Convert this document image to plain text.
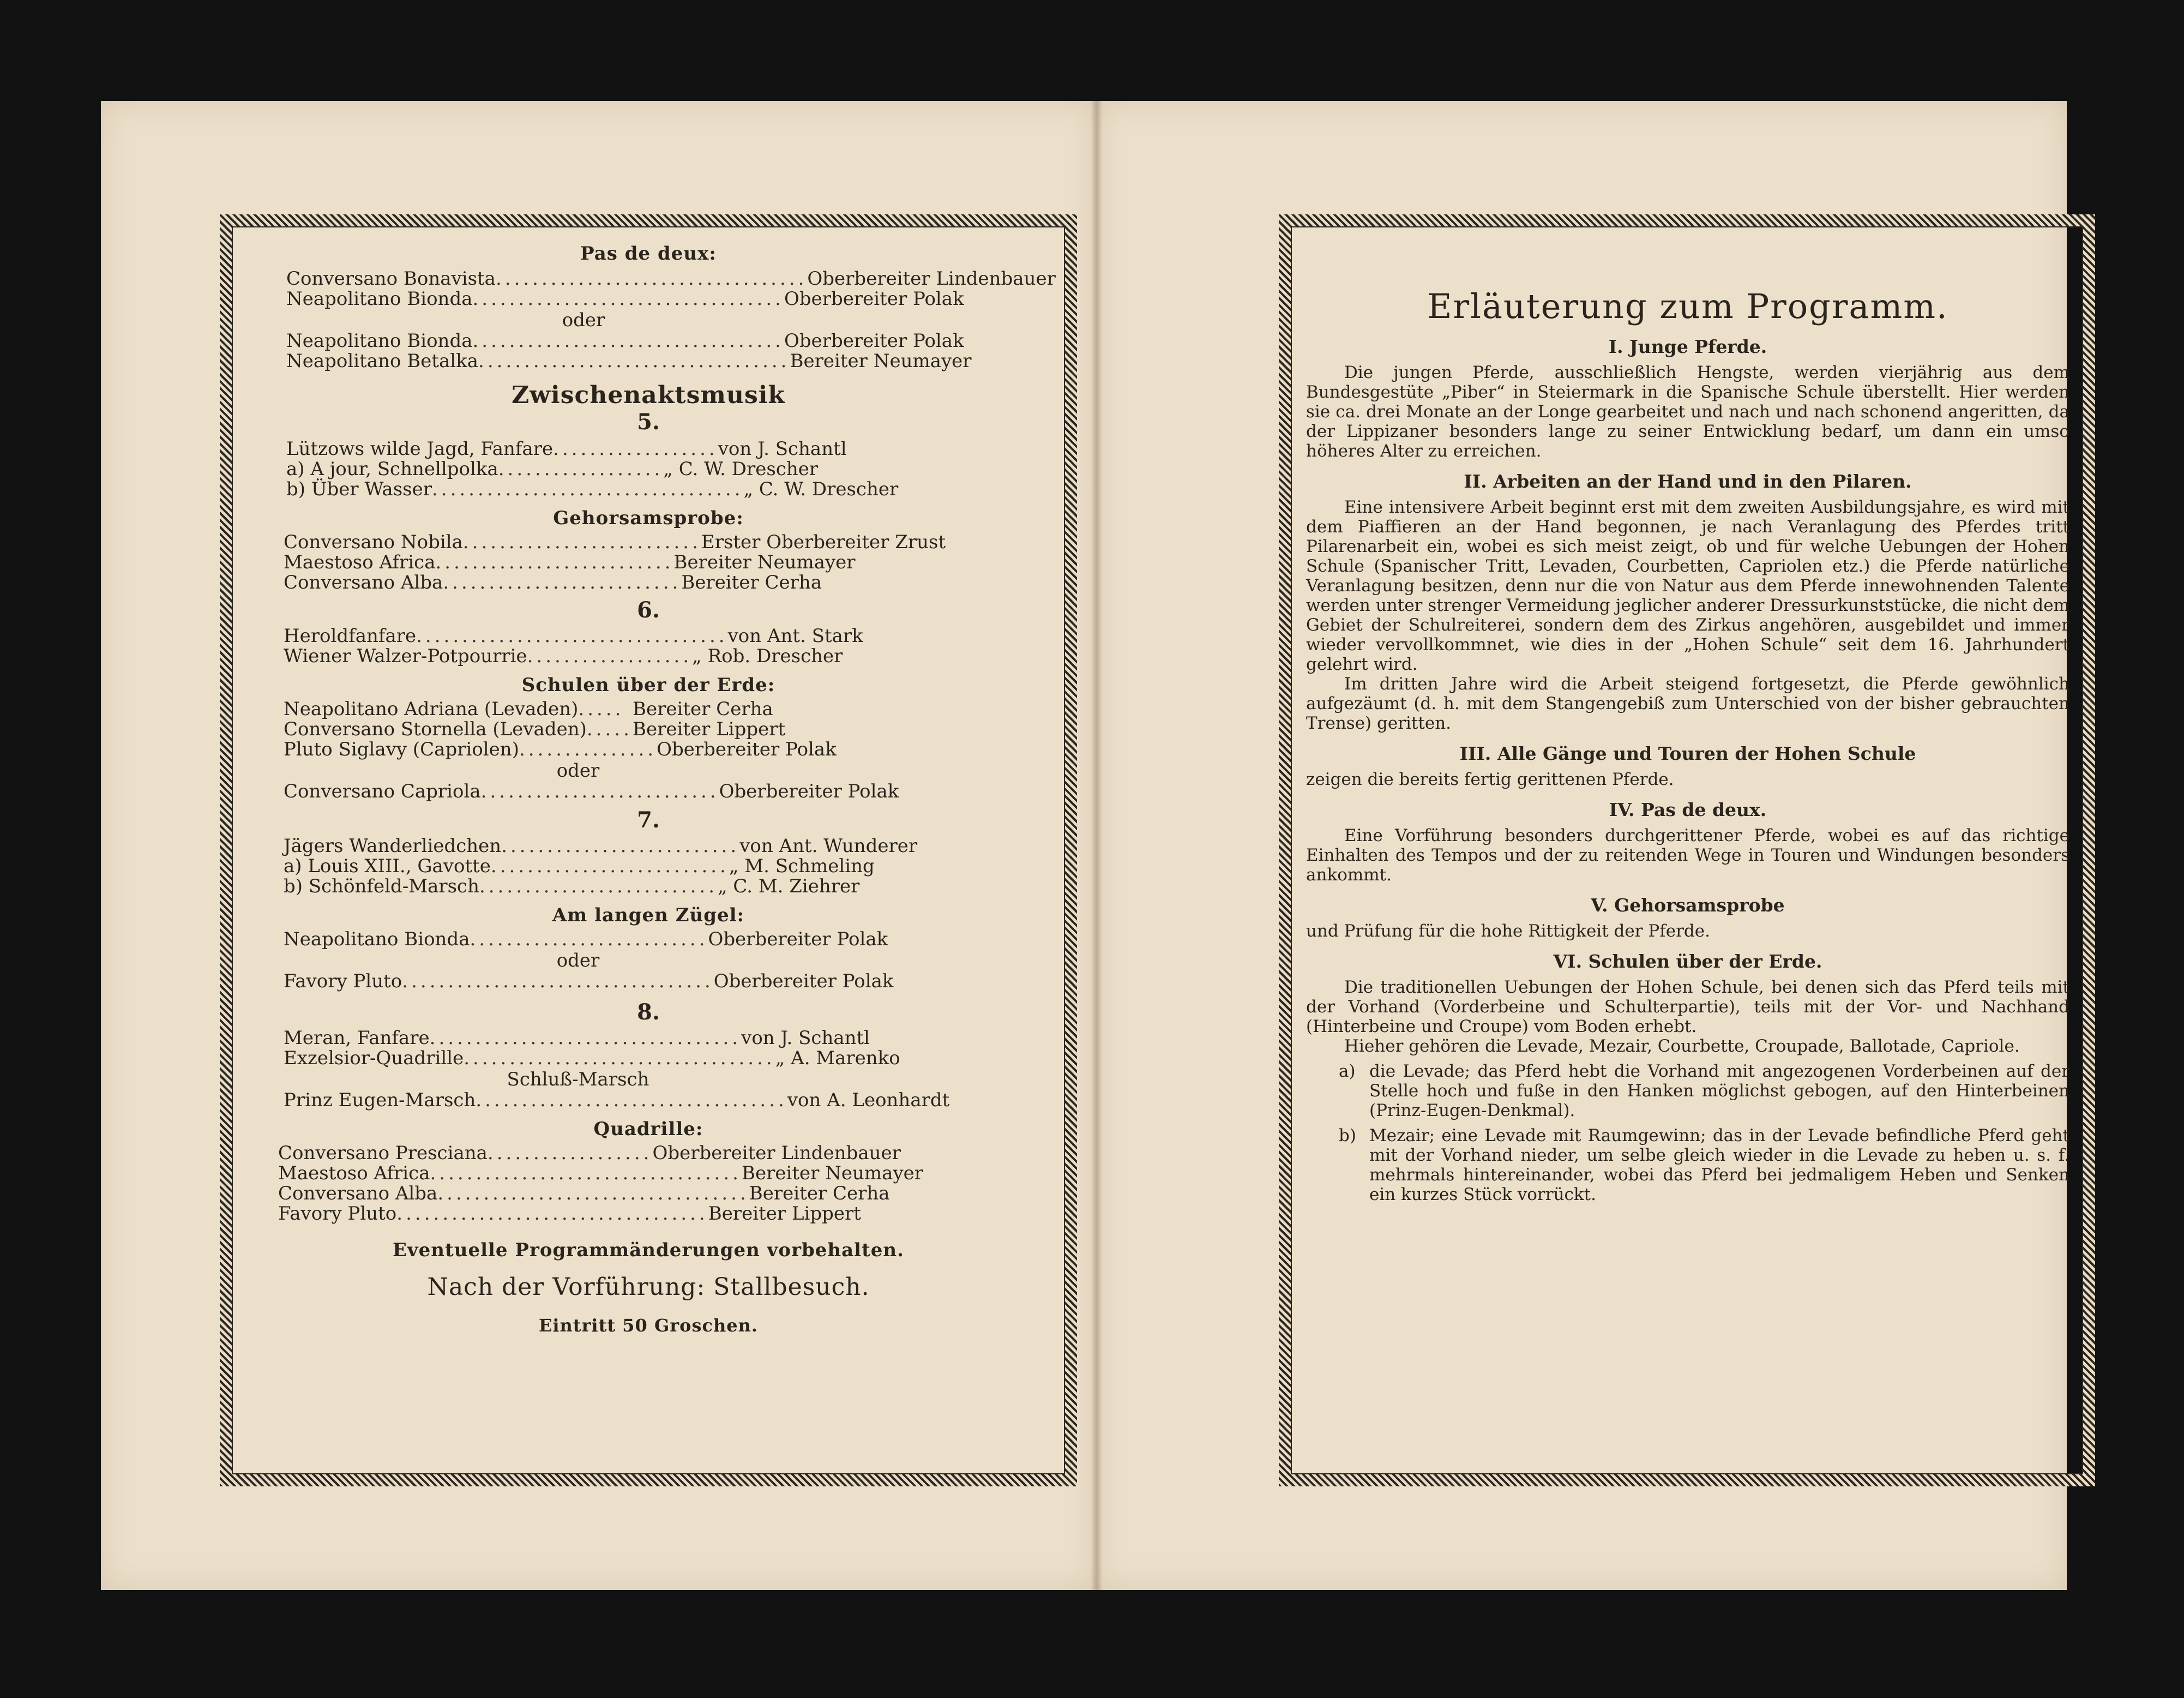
Pas de deux:
Conversano Bonavista .................................. Oberbereiter Lindenbauer
Neapolitano Bionda .................................. Oberbereiter Polak
oder
Neapolitano Bionda .................................. Oberbereiter Polak
Neapolitano Betalka .................................. Bereiter Neumayer
Zwischenaktsmusik
5.
Lützows wilde Jagd, Fanfare .................. von J. Schantl
a) A jour, Schnellpolka .................. „ C. W. Drescher
b) Über Wasser .................................. „ C. W. Drescher
Gehorsamsprobe:
Conversano Nobila .......................... Erster Oberbereiter Zrust
Maestoso Africa .......................... Bereiter Neumayer
Conversano Alba .......................... Bereiter Cerha
6.
Heroldfanfare .................................. von Ant. Stark
Wiener Walzer-Potpourrie .................. „ Rob. Drescher
Schulen über der Erde:
Neapolitano Adriana (Levaden) ..... Bereiter Cerha
Conversano Stornella (Levaden) ..... Bereiter Lippert
Pluto Siglavy (Capriolen) ............... Oberbereiter Polak
oder
Conversano Capriola .......................... Oberbereiter Polak
7.
Jägers Wanderliedchen .......................... von Ant. Wunderer
a) Louis XIII., Gavotte .......................... „ M. Schmeling
b) Schönfeld-Marsch .......................... „ C. M. Ziehrer
Am langen Zügel:
Neapolitano Bionda .......................... Oberbereiter Polak
oder
Favory Pluto .................................. Oberbereiter Polak
8.
Meran, Fanfare .................................. von J. Schantl
Exzelsior-Quadrille .................................. „ A. Marenko
Schluß-Marsch
Prinz Eugen-Marsch .................................. von A. Leonhardt
Quadrille:
Conversano Presciana .................. Oberbereiter Lindenbauer
Maestoso Africa .................................. Bereiter Neumayer
Conversano Alba .................................. Bereiter Cerha
Favory Pluto .................................. Bereiter Lippert
Eventuelle Programmänderungen vorbehalten.
Nach der Vorführung: Stallbesuch.
Eintritt 50 Groschen.
Erläuterung zum Programm.
I. Junge Pferde.

Die jungen Pferde, ausschließlich Hengste, werden vierjährig aus dem Bundesgestüte „Piber“ in Steiermark in die Spanische Schule überstellt. Hier werden sie ca. drei Monate an der Longe gearbeitet und nach und nach schonend angeritten, da der Lippizaner besonders lange zu seiner Entwicklung bedarf, um dann ein umso höheres Alter zu erreichen.

II. Arbeiten an der Hand und in den Pilaren.

Eine intensivere Arbeit beginnt erst mit dem zweiten Ausbildungsjahre, es wird mit dem Piaffieren an der Hand begonnen, je nach Veranlagung des Pferdes tritt Pilarenarbeit ein, wobei es sich meist zeigt, ob und für welche Uebungen der Hohen Schule (Spanischer Tritt, Levaden, Courbetten, Capriolen etz.) die Pferde natürliche Veranlagung besitzen, denn nur die von Natur aus dem Pferde innewohnenden Talente werden unter strenger Vermeidung jeglicher anderer Dressurkunststücke, die nicht dem Gebiet der Schulreiterei, sondern dem des Zirkus angehören, ausgebildet und immer wieder vervollkommnet, wie dies in der „Hohen Schule“ seit dem 16. Jahrhundert gelehrt wird.

Im dritten Jahre wird die Arbeit steigend fortgesetzt, die Pferde gewöhnlich aufgezäumt (d. h. mit dem Stangengebiß zum Unterschied von der bisher gebrauchten Trense) geritten.

III. Alle Gänge und Touren der Hohen Schule

zeigen die bereits fertig gerittenen Pferde.

IV. Pas de deux.

Eine Vorführung besonders durchgerittener Pferde, wobei es auf das richtige Einhalten des Tempos und der zu reitenden Wege in Touren und Windungen besonders ankommt.

V. Gehorsamsprobe

und Prüfung für die hohe Rittigkeit der Pferde.

VI. Schulen über der Erde.

Die traditionellen Uebungen der Hohen Schule, bei denen sich das Pferd teils mit der Vorhand (Vorderbeine und Schulterpartie), teils mit der Vor- und Nachhand (Hinterbeine und Croupe) vom Boden erhebt.

Hieher gehören die Levade, Mezair, Courbette, Croupade, Ballotade, Capriole.

a) die Levade; das Pferd hebt die Vorhand mit angezogenen Vorderbeinen auf der Stelle hoch und fuße in den Hanken möglichst gebogen, auf den Hinterbeinen (Prinz-Eugen-Denkmal).
b) Mezair; eine Levade mit Raumgewinn; das in der Levade befindliche Pferd geht mit der Vorhand nieder, um selbe gleich wieder in die Levade zu heben u. s. f. mehrmals hintereinander, wobei das Pferd bei jedmaligem Heben und Senken ein kurzes Stück vorrückt.
